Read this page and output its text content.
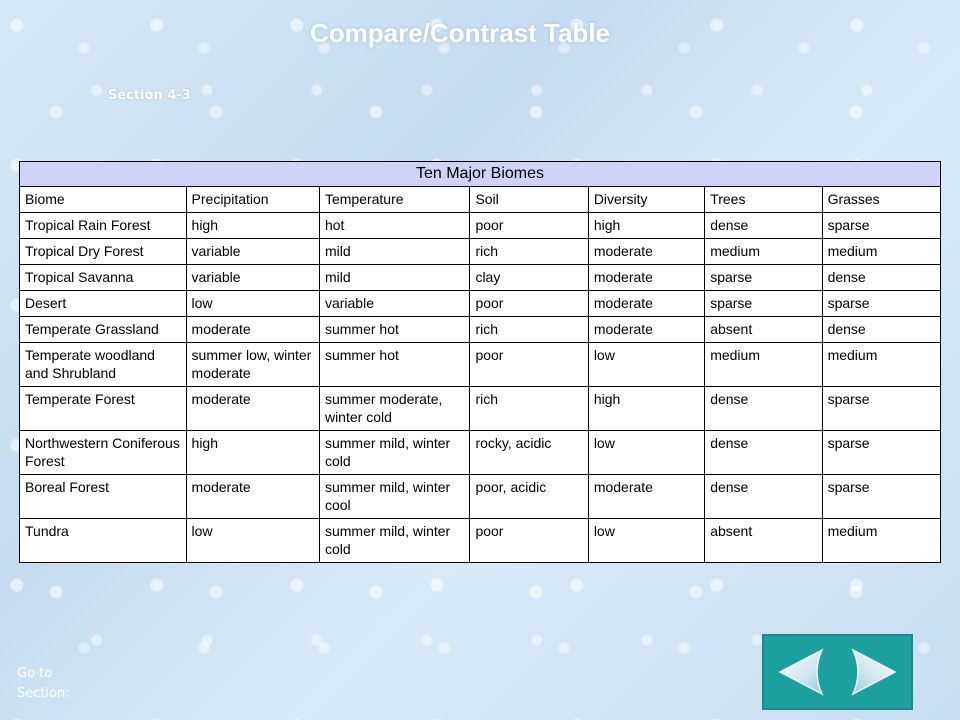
Compare/Contrast Table
Section 4-3
Ten Major Biomes						
Biome	Precipitation	Temperature	Soil	Diversity	Trees	Grasses
Tropical Rain Forest	high	hot	poor	high	dense	sparse
Tropical Dry Forest	variable	mild	rich	moderate	medium	medium
Tropical Savanna	variable	mild	clay	moderate	sparse	dense
Desert	low	variable	poor	moderate	sparse	sparse
Temperate Grassland	moderate	summer hot	rich	moderate	absent	dense
Temperate woodland and Shrubland	summer low, winter moderate	summer hot	poor	low	medium	medium
Temperate Forest	moderate	summer moderate, winter cold	rich	high	dense	sparse
Northwestern Coniferous Forest	high	summer mild, winter cold	rocky, acidic	low	dense	sparse
Boreal Forest	moderate	summer mild, winter cool	poor, acidic	moderate	dense	sparse
Tundra	low	summer mild, winter cold	poor	low	absent	medium
Go to
Section:
